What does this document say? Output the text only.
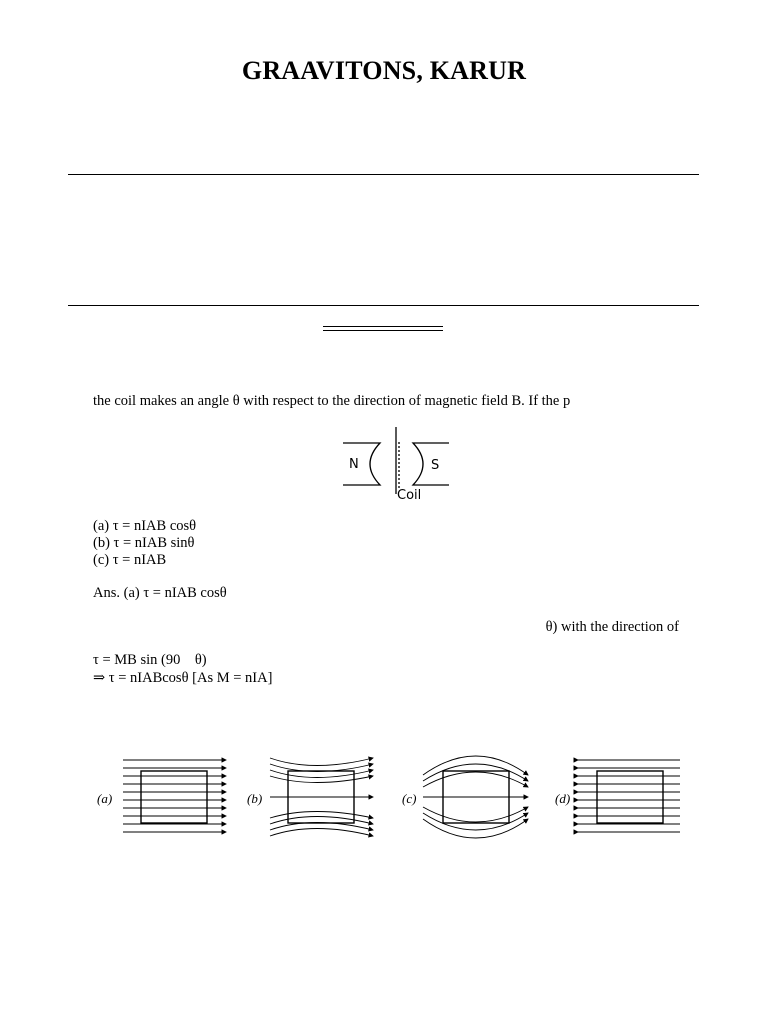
GRAAVITONS, KARUR
the coil makes an angle θ with respect to the direction of magnetic field B. If the p
N	S
Coil
(a) τ = nIAB cosθ
(b) τ = nIAB sinθ
(c) τ = nIAB
Ans. (a) τ = nIAB cosθ
θ) with the direction of
τ = MB sin (90    θ)
⇒ τ = nIABcosθ [As M = nIA]
(a)	(b)	(c)	(d)
